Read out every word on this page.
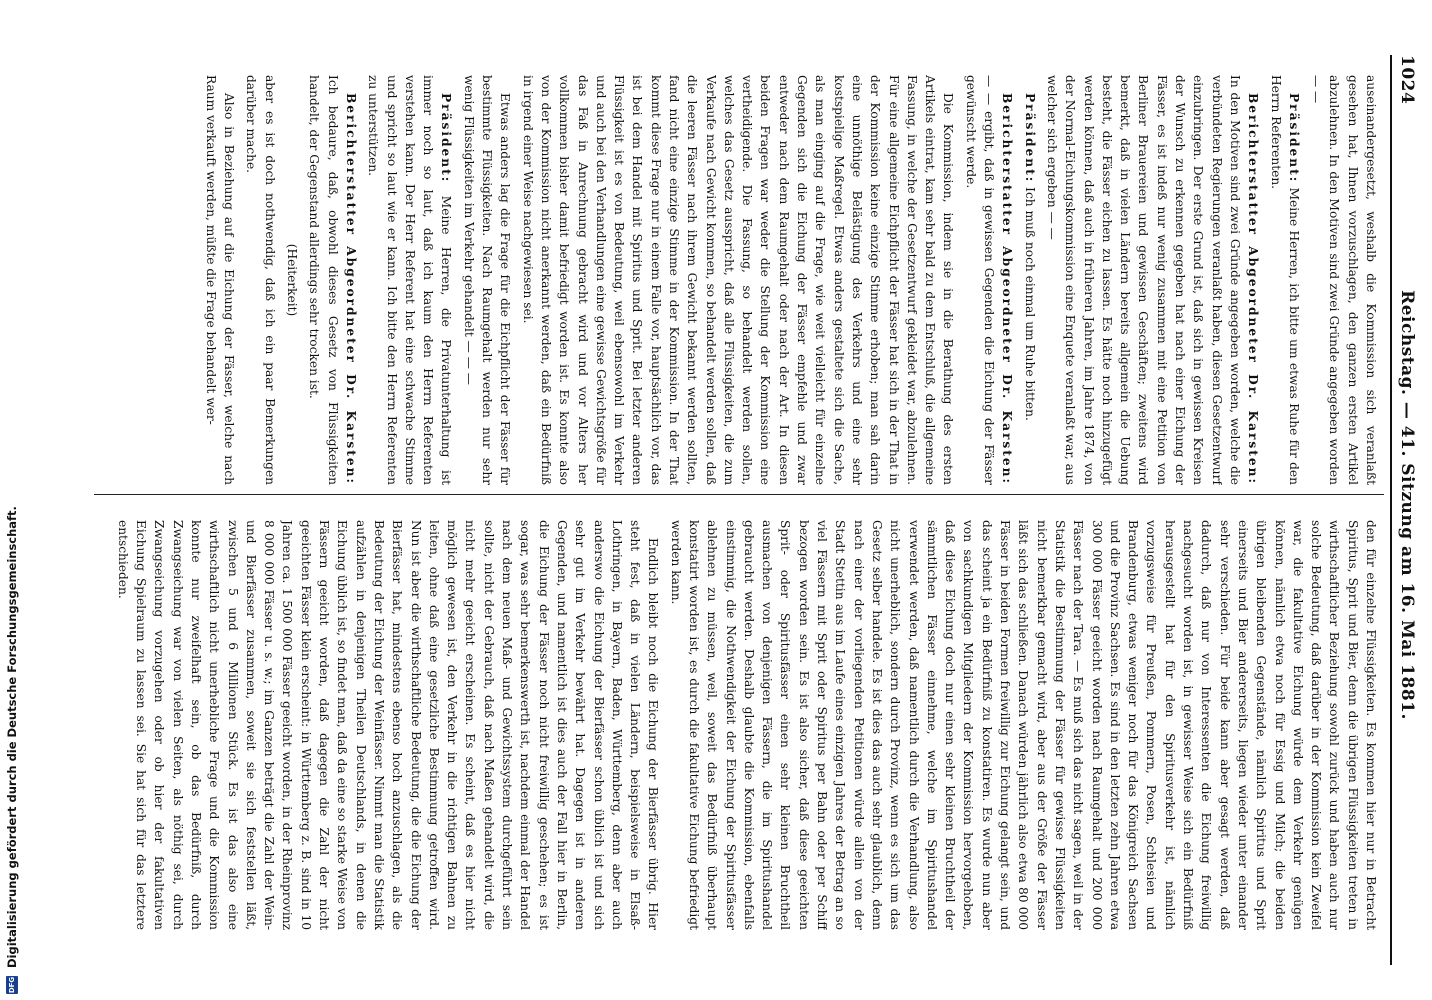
1024
Reichstag. — 41. Sitzung am 16. Mai 1881.

auseinandergesetzt, weshalb die Kommission sich veranlaßt gesehen hat, Ihnen vorzuschlagen, den ganzen ersten Artikel abzulehnen. In den Motiven sind zwei Gründe angegeben worden — —

Präsident: Meine Herren, ich bitte um etwas Ruhe für den Herrn Referenten.

Berichterstatter Abgeordneter Dr. Karsten: In den Motiven sind zwei Gründe angegeben worden, welche die verbündeten Regierungen veranlaßt haben, diesen Gesetzentwurf einzubringen. Der erste Grund ist, daß sich in gewissen Kreisen der Wunsch zu erkennen gegeben hat nach einer Eichung der Fässer, es ist indeß nur wenig zusammen mit eine Petition von Berliner Brauereien und gewissen Geschäften; zweitens wird bemerkt, daß in vielen Ländern bereits allgemein die Uebung besteht, die Fässer eichen zu lassen. Es hätte noch hinzugefügt werden können, daß auch in früheren Jahren, im Jahre 1874, von der Normal-Eichungskommission eine Enquete veranlaßt war, aus welcher sich ergeben — —

Präsident: Ich muß noch einmal um Ruhe bitten.

Berichterstatter Abgeordneter Dr. Karsten: — — ergibt, daß in gewissen Gegenden die Eichung der Fässer gewünscht werde.

Die Kommission, indem sie in die Berathung des ersten Artikels eintrat, kam sehr bald zu dem Entschluß, die allgemeine Fassung, in welche der Gesetzentwurf gekleidet war, abzulehnen. Für eine allgemeine Eichpflicht der Fässer hat sich in der That in der Kommission keine einzige Stimme erhoben; man sah darin eine unnöthige Belästigung des Verkehrs und eine sehr kostspielige Maßregel. Etwas anders gestaltete sich die Sache, als man einging auf die Frage, wie weit vielleicht für einzelne Gegenden sich die Eichung der Fässer empfehle und zwar entweder nach dem Raumgehalt oder nach der Art. In diesen beiden Fragen war weder die Stellung der Kommission eine vertheidigende. Die Fassung, so behandelt werden sollen, welches das Gesetz ausspricht, daß alle Flüssigkeiten, die zum Verkaufe nach Gewicht kommen, so behandelt werden sollen, daß die leeren Fässer nach ihrem Gewicht bekannt werden sollten, fand nicht eine einzige Stimme in der Kommission. In der That kommt diese Frage nur in einem Falle vor, hauptsächlich vor, das ist bei dem Handel mit Spiritus und Sprit. Bei letzter anderen Flüssigkeit ist es von Bedeutung, weil ebensowohl im Verkehr und auch bei den Verhandlungen eine gewisse Gewichtsgröße für das Faß in Anrechnung gebracht wird und vor Alters her vollkommen bisher damit befriedigt worden ist. Es konnte also von der Kommission nicht anerkannt werden, daß ein Bedürfniß in irgend einer Weise nachgewiesen sei.

Etwas anders lag die Frage für die Eichpflicht der Fässer für bestimmte Flüssigkeiten. Nach Raumgehalt werden nur sehr wenig Flüssigkeiten im Verkehr gehandelt — — —

Präsident: Meine Herren, die Privatunterhaltung ist immer noch so laut, daß ich kaum den Herrn Referenten verstehen kann. Der Herr Referent hat eine schwache Stimme und spricht so laut wie er kann. Ich bitte den Herrn Referenten zu unterstützen.

Berichterstatter Abgeordneter Dr. Karsten: Ich bedaure, daß, obwohl dieses Gesetz von Flüssigkeiten handelt, der Gegenstand allerdings sehr trocken ist.

(Heiterkeit)

aber es ist doch nothwendig, daß ich ein paar Bemerkungen darüber mache.

Also in Beziehung auf die Eichung der Fässer, welche nach Raum verkauft werden, müßte die Frage behandelt wer-

den für einzelne Flüssigkeiten. Es kommen hier nur in Betracht Spiritus, Sprit und Bier, denn die übrigen Flüssigkeiten treten in wirthschaftlicher Beziehung sowohl zurück und haben auch nur solche Bedeutung, daß darüber in der Kommission kein Zweifel war, die fakultative Eichung würde dem Verkehr genügen können, nämlich etwa noch für Essig und Milch; die beiden übrigen bleibenden Gegenstände, nämlich Spiritus und Sprit einerseits und Bier andererseits, liegen wieder unter einander sehr verschieden. Für beide kann aber gesagt werden, daß dadurch, daß nur von Interessenten die Eichung freiwillig nachgesucht worden ist, in gewisser Weise sich ein Bedürfniß herausgestellt hat für den Spiritusverkehr ist, nämlich vorzugsweise für Preußen, Pommern, Posen, Schlesien und Brandenburg, etwas weniger noch für das Königreich Sachsen und die Provinz Sachsen. Es sind in den letzten zehn Jahren etwa 300 000 Fässer geeicht worden nach Raumgehalt und 200 000 Fässer nach der Tara. — Es muß sich das nicht sagen, weil in der Statistik die Bestimmung der Fässer für gewisse Flüssigkeiten nicht bemerkbar gemacht wird, aber aus der Größe der Fässer läßt sich das schließen. Danach würden jährlich also etwa 80 000 Fässer in beiden Formen freiwillig zur Eichung gelangt sein, und das scheint ja ein Bedürfniß zu konstatiren. Es wurde nun aber von sachkundigen Mitgliedern der Kommission hervorgehoben, daß diese Eichung doch nur einen sehr kleinen Bruchtheil der sämmtlichen Fässer einnehme, welche im Spiritushandel verwendet werden, daß namentlich durch die Verhandlung, also nicht unerheblich, sondern durch Provinz, wenn es sich um das Gesetz selber handele. Es ist dies das auch sehr glaublich, denn nach einer der vorliegenden Petitionen würde allein von der Stadt Stettin aus im Laufe eines einzigen Jahres der Betrag an so viel Fässern mit Sprit oder Spiritus per Bahn oder per Schiff bezogen worden sein. Es ist also sicher, daß diese geeichten Sprit- oder Spiritusfässer einen sehr kleinen Bruchtheil ausmachen von denjenigen Fässern, die im Spiritushandel gebraucht werden. Deshalb glaubte die Kommission, ebenfalls einstimmig, die Nothwendigkeit der Eichung der Spiritusfässer ablehnen zu müssen, weil, soweit das Bedürfniß überhaupt konstatirt worden ist, es durch die fakultative Eichung befriedigt werden kann.

Endlich bleibt noch die Eichung der Bierfässer übrig. Hier steht fest, daß in vielen Ländern, beispielsweise in Elsaß-Lothringen, in Bayern, Baden, Württemberg, denn aber auch anderswo die Eichung der Bierfässer schon üblich ist und sich sehr gut im Verkehr bewährt hat. Dagegen ist in anderen Gegenden, und namentlich ist dies auch der Fall hier in Berlin, die Eichung der Fässer noch nicht freiwillig geschehen; es ist sogar, was sehr bemerkenswerth ist, nachdem einmal der Handel nach dem neuen Maß- und Gewichtssystem durchgeführt sein sollte, nicht der Gebrauch, daß nach Maßen gehandelt wird, die nicht mehr geeicht erscheinen. Es scheint, daß es hier nicht möglich gewesen ist, den Verkehr in die richtigen Bahnen zu leiten, ohne daß eine gesetzliche Bestimmung getroffen wird. Nun ist aber die wirthschaftliche Bedeutung, die die Eichung der Bierfässer hat, mindestens ebenso hoch anzuschlagen, als die Bedeutung der Eichung der Weinfässer. Nimmt man die Statistik aufzählen in denjenigen Theilen Deutschlands, in denen die Eichung üblich ist, so findet man, daß da eine so starke Weise von Fässern geeicht worden, daß dagegen die Zahl der nicht geeichten Fässer klein erscheint: in Württemberg z. B. sind in 10 Jahren ca. 1 500 000 Fässer geeicht worden, in der Rheinprovinz 8 000 000 Fässer u. s. w.; im Ganzen beträgt die Zahl der Wein- und Bierfässer zusammen, soweit sie sich feststellen läßt, zwischen 5 und 6 Millionen Stück. Es ist das also eine wirthschaftlich nicht unerhebliche Frage und die Kommission konnte nur zweifelhaft sein, ob das Bedürfniß, durch Zwangseichung war von vielen Seiten, als nöthig sei, durch Zwangseichung vorzugehen oder ob hier der fakultativen Eichung Spielraum zu lassen sei. Sie hat sich für das letztere entschieden.

DFG
Digitalisierung gefördert durch die Deutsche Forschungsgemeinschaft.
